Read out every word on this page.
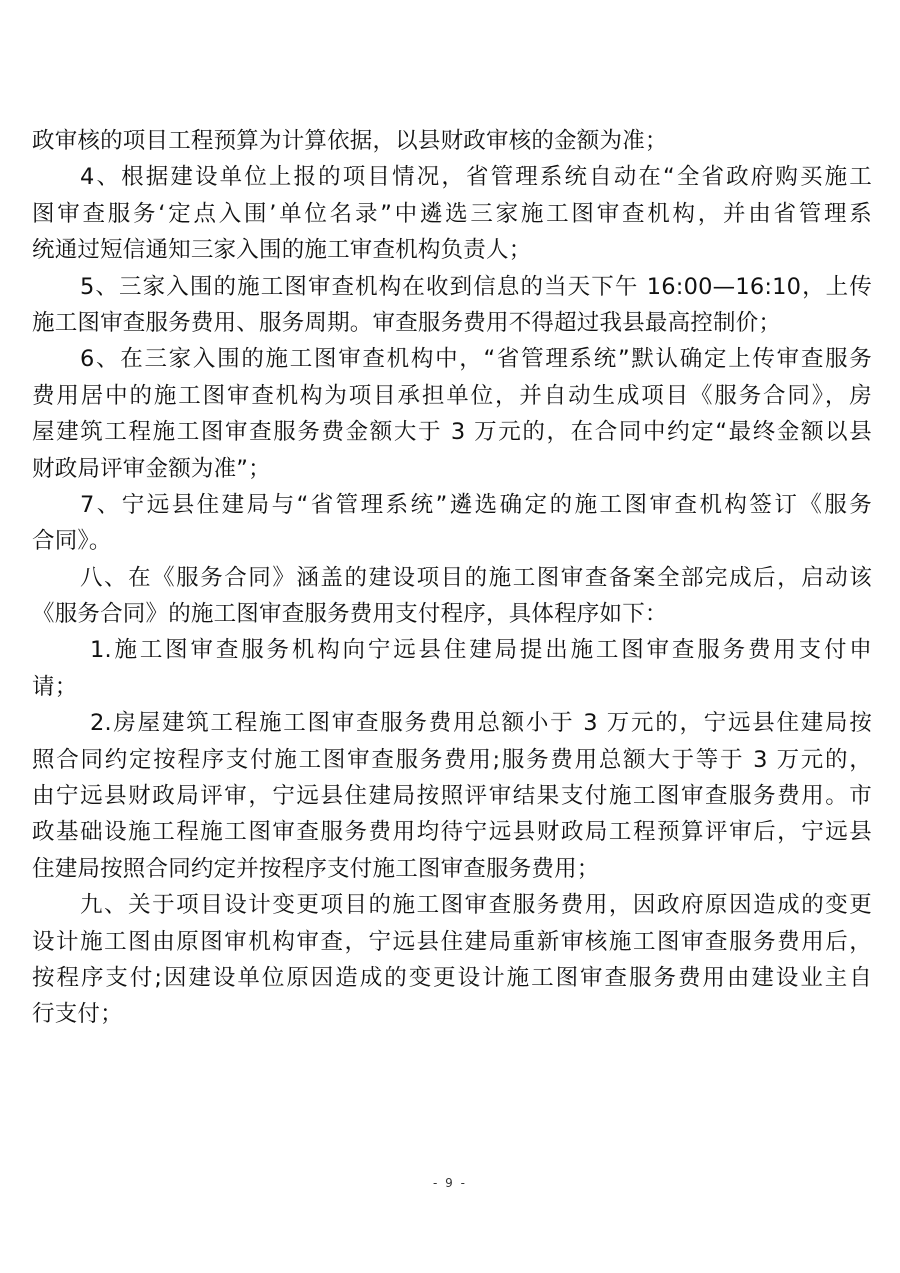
政审核的项目工程预算为计算依据，以县财政审核的金额为准；
4、根据建设单位上报的项目情况，省管理系统自动在“全省政府购买施工
图审查服务‘定点入围’单位名录”中遴选三家施工图审查机构，并由省管理系
统通过短信通知三家入围的施工审查机构负责人；
5、三家入围的施工图审查机构在收到信息的当天下午 16:00—16:10，上传
施工图审查服务费用、服务周期。审查服务费用不得超过我县最高控制价；
6、在三家入围的施工图审查机构中，“省管理系统”默认确定上传审查服务
费用居中的施工图审查机构为项目承担单位，并自动生成项目《服务合同》，房
屋建筑工程施工图审查服务费金额大于 3 万元的，在合同中约定“最终金额以县
财政局评审金额为准”；
7、宁远县住建局与“省管理系统”遴选确定的施工图审查机构签订《服务
合同》。
八、在《服务合同》涵盖的建设项目的施工图审查备案全部完成后，启动该
《服务合同》的施工图审查服务费用支付程序，具体程序如下：
1.施工图审查服务机构向宁远县住建局提出施工图审查服务费用支付申
请；
2.房屋建筑工程施工图审查服务费用总额小于 3 万元的，宁远县住建局按
照合同约定按程序支付施工图审查服务费用;服务费用总额大于等于 3 万元的，
由宁远县财政局评审，宁远县住建局按照评审结果支付施工图审查服务费用。市
政基础设施工程施工图审查服务费用均待宁远县财政局工程预算评审后，宁远县
住建局按照合同约定并按程序支付施工图审查服务费用；
九、关于项目设计变更项目的施工图审查服务费用，因政府原因造成的变更
设计施工图由原图审机构审查，宁远县住建局重新审核施工图审查服务费用后，
按程序支付;因建设单位原因造成的变更设计施工图审查服务费用由建设业主自
行支付；
- 9 -
